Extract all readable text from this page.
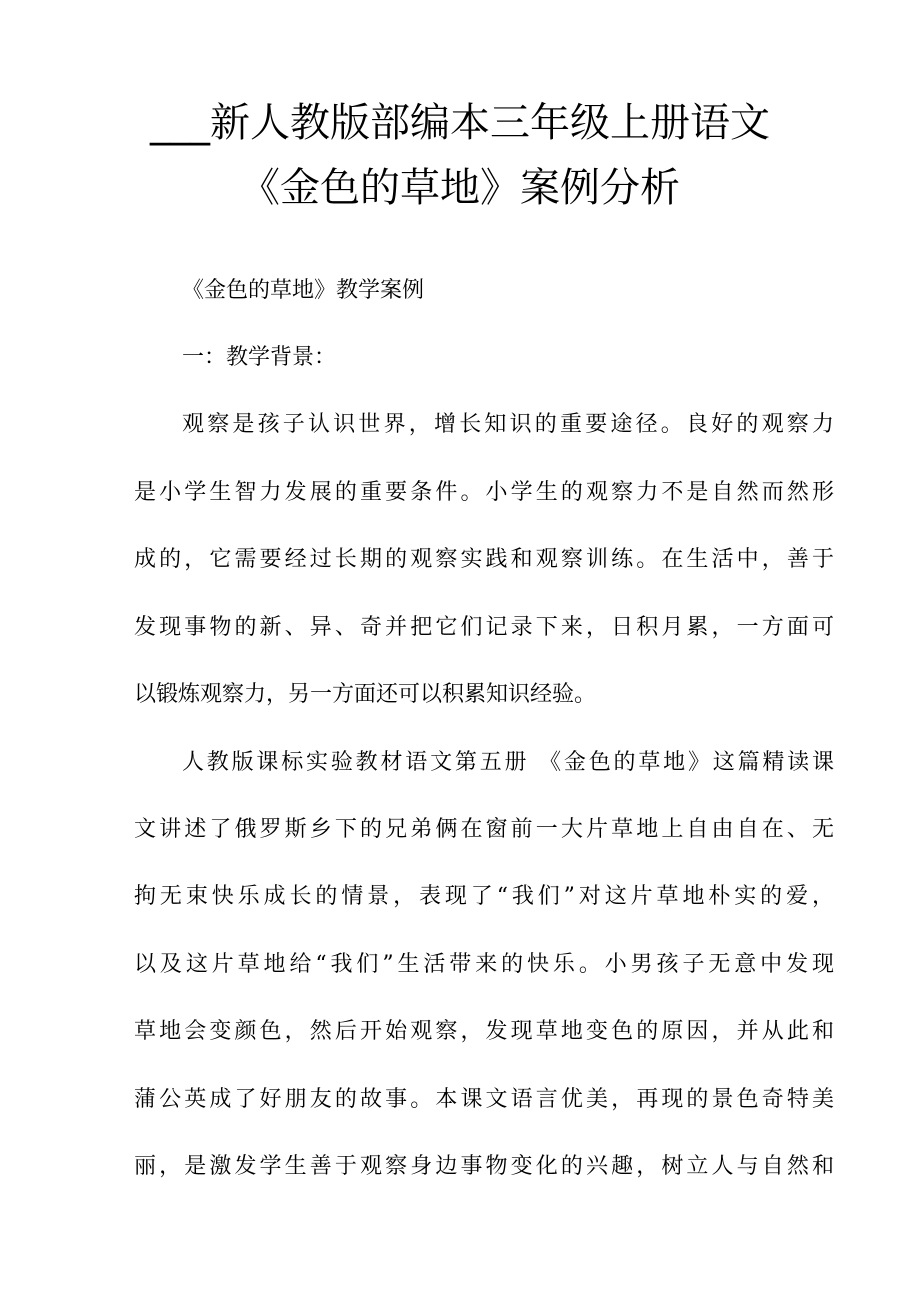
___新人教版部编本三年级上册语文
《金色的草地》案例分析

《金色的草地》教学案例

一：教学背景：

观察是孩子认识世界，增长知识的重要途径。良好的观察力

是小学生智力发展的重要条件。小学生的观察力不是自然而然形

成的，它需要经过长期的观察实践和观察训练。在生活中，善于

发现事物的新、异、奇并把它们记录下来，日积月累，一方面可

以锻炼观察力，另一方面还可以积累知识经验。

人教版课标实验教材语文第五册 《金色的草地》这篇精读课

文讲述了俄罗斯乡下的兄弟俩在窗前一大片草地上自由自在、无

拘无束快乐成长的情景，表现了“我们”对这片草地朴实的爱，

以及这片草地给“我们”生活带来的快乐。小男孩子无意中发现

草地会变颜色，然后开始观察，发现草地变色的原因，并从此和

蒲公英成了好朋友的故事。本课文语言优美，再现的景色奇特美

丽，是激发学生善于观察身边事物变化的兴趣，树立人与自然和
